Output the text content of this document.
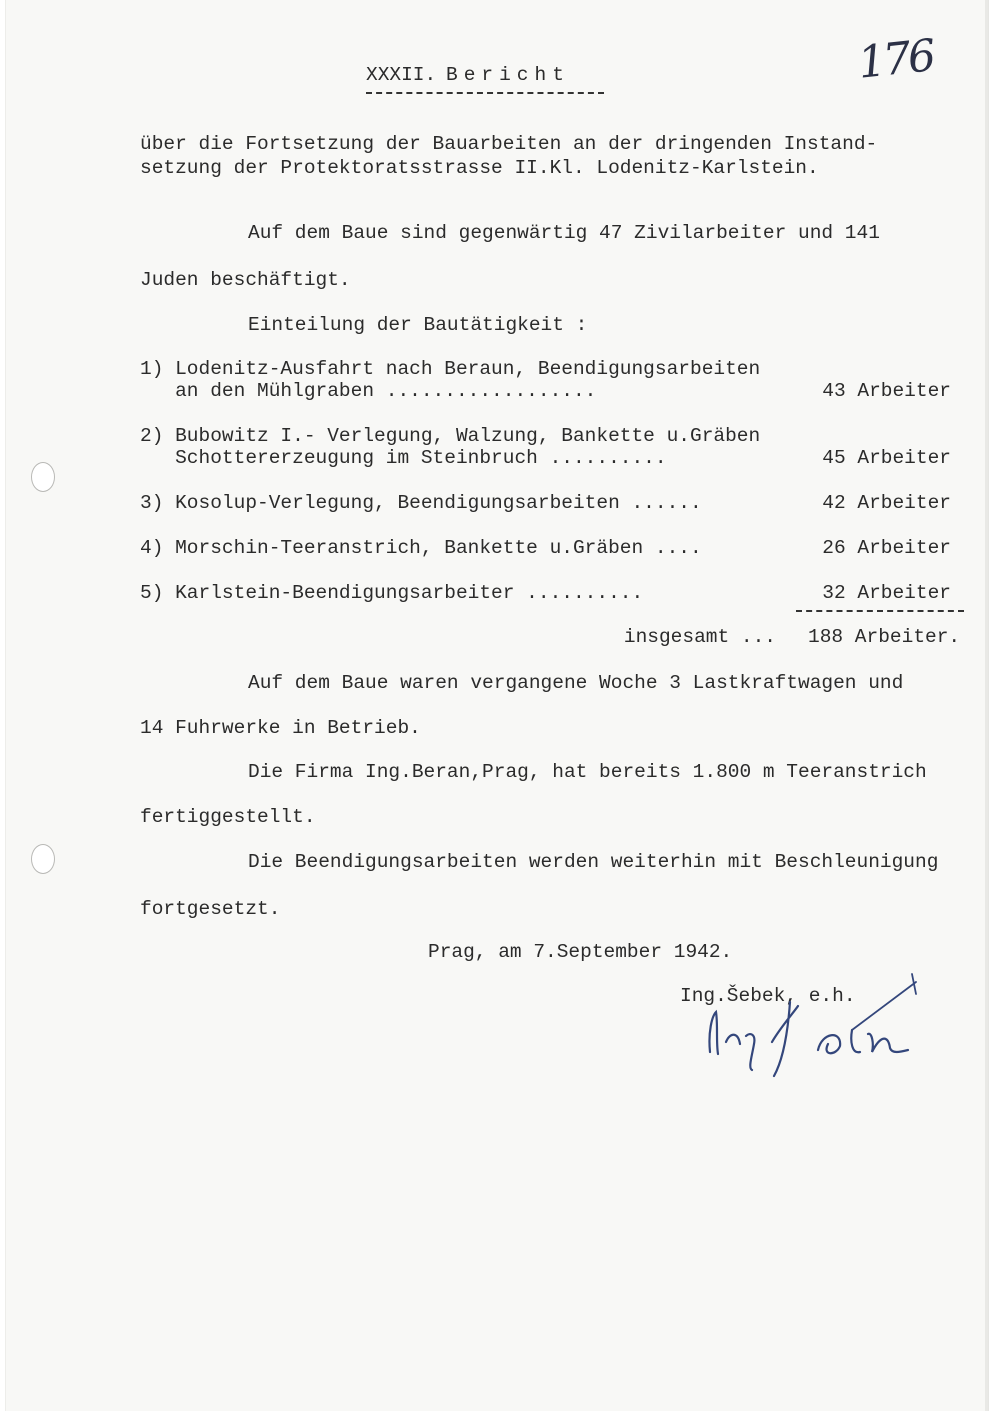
176
XXXII. Bericht
über die Fortsetzung der Bauarbeiten an der dringenden Instand-
setzung der Protektoratsstrasse II.Kl. Lodenitz-Karlstein.
Auf dem Baue sind gegenwärtig 47 Zivilarbeiter und 141
Juden beschäftigt.
Einteilung der Bautätigkeit :
1) Lodenitz-Ausfahrt nach Beraun, Beendigungsarbeiten
an den Mühlgraben ..................	43 Arbeiter
2) Bubowitz I.- Verlegung, Walzung, Bankette u.Gräben
Schottererzeugung im Steinbruch ..........	45 Arbeiter
3) Kosolup-Verlegung, Beendigungsarbeiten ......	42 Arbeiter
4) Morschin-Teeranstrich, Bankette u.Gräben ....	26 Arbeiter
5) Karlstein-Beendigungsarbeiter ..........	32 Arbeiter
insgesamt ... 188 Arbeiter.
Auf dem Baue waren vergangene Woche 3 Lastkraftwagen und
14 Fuhrwerke in Betrieb.
Die Firma Ing.Beran,Prag, hat bereits 1.800 m Teeranstrich
fertiggestellt.
Die Beendigungsarbeiten werden weiterhin mit Beschleunigung
fortgesetzt.
Prag, am 7.September 1942.
Ing.Šebek, e.h.
